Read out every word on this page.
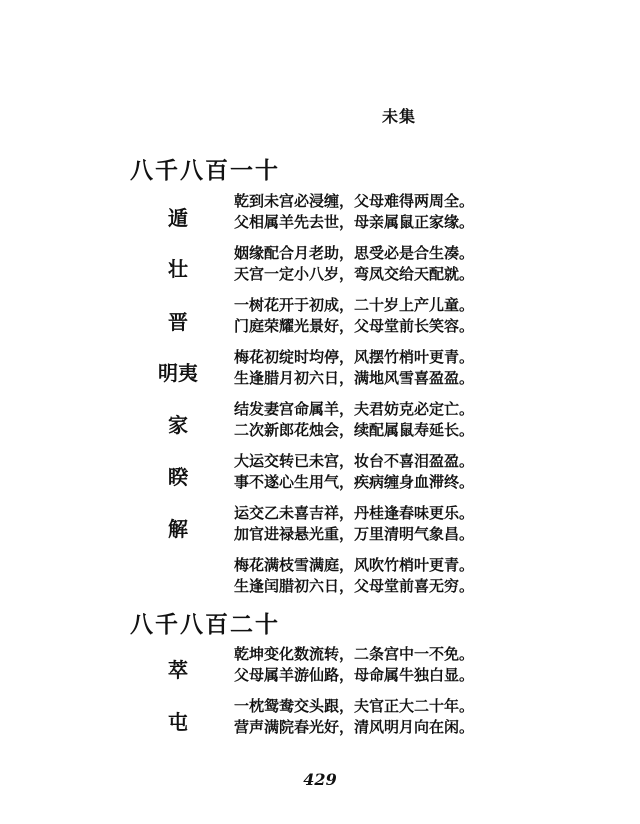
未集
八千八百一十
遁
乾到未宫必浸缠，父母难得两周全。
父相属羊先去世，母亲属鼠正家缘。
壮
姻缘配合月老助，思受必是合生凑。
天宫一定小八岁，弯凤交给天配就。
晋
一树花开于初成，二十岁上产儿童。
门庭荣耀光景好，父母堂前长笑容。
明夷
梅花初绽时均停，风摆竹梢叶更青。
生逢腊月初六日，满地风雪喜盈盈。
家
结发妻宫命属羊，夫君妨克必定亡。
二次新郎花烛会，续配属鼠寿延长。
睽
大运交转已未宫，妆台不喜泪盈盈。
事不遂心生用气，疾病缠身血滞终。
解
运交乙未喜吉祥，丹桂逢春味更乐。
加官进禄悬光重，万里清明气象昌。
梅花满枝雪满庭，风吹竹梢叶更青。
生逢闰腊初六日，父母堂前喜无穷。
八千八百二十
萃
乾坤变化数流转，二条宫中一不免。
父母属羊游仙路，母命属牛独白显。
屯
一枕鸳鸯交头跟，夫官正大二十年。
营声满院春光好，清风明月向在闲。
429
